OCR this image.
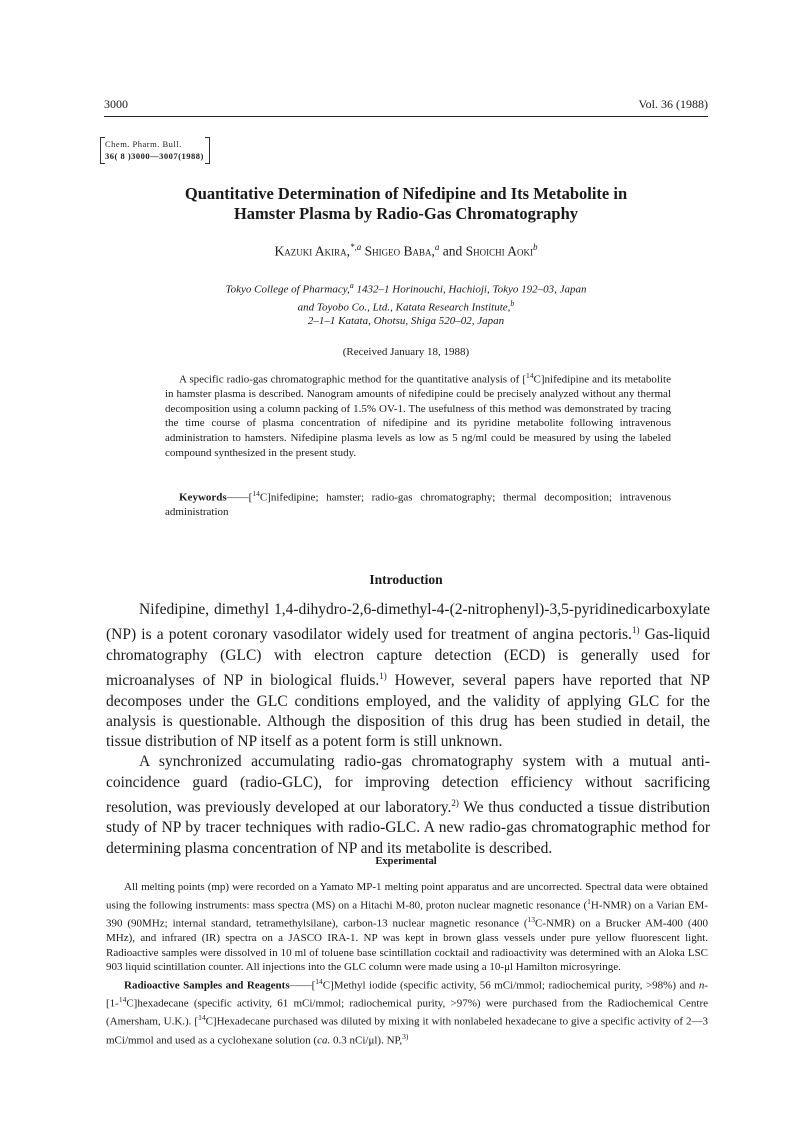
3000	Vol. 36 (1988)
Chem. Pharm. Bull.
36( 8 )3000—3007(1988)
Quantitative Determination of Nifedipine and Its Metabolite in
Hamster Plasma by Radio-Gas Chromatography
Kazuki Akira,$^{*,a}$ Shigeo Baba,$^a$ and Shoichi Aoki$^b$
Tokyo College of Pharmacy,$^a$ 1432–1 Horinouchi, Hachioji, Tokyo 192–03, Japan
and Toyobo Co., Ltd., Katata Research Institute,$^b$
2–1–1 Katata, Ohotsu, Shiga 520–02, Japan
(Received January 18, 1988)

A specific radio-gas chromatographic method for the quantitative analysis of [$^{14}$C]nifedipine and its metabolite in hamster plasma is described. Nanogram amounts of nifedipine could be precisely analyzed without any thermal decomposition using a column packing of 1.5% OV-1. The usefulness of this method was demonstrated by tracing the time course of plasma concentration of nifedipine and its pyridine metabolite following intravenous administration to hamsters. Nifedipine plasma levels as low as 5 ng/ml could be measured by using the labeled compound synthesized in the present study.

Keywords——[$^{14}$C]nifedipine; hamster; radio-gas chromatography; thermal decomposition; intravenous administration

Introduction

Nifedipine, dimethyl 1,4-dihydro-2,6-dimethyl-4-(2-nitrophenyl)-3,5-pyridinedicarboxylate (NP) is a potent coronary vasodilator widely used for treatment of angina pectoris.$^{1)}$ Gas-liquid chromatography (GLC) with electron capture detection (ECD) is generally used for microanalyses of NP in biological fluids.$^{1)}$ However, several papers have reported that NP decomposes under the GLC conditions employed, and the validity of applying GLC for the analysis is questionable. Although the disposition of this drug has been studied in detail, the tissue distribution of NP itself as a potent form is still unknown.

A synchronized accumulating radio-gas chromatography system with a mutual anti-coincidence guard (radio-GLC), for improving detection efficiency without sacrificing resolution, was previously developed at our laboratory.$^{2)}$ We thus conducted a tissue distribution study of NP by tracer techniques with radio-GLC. A new radio-gas chromatographic method for determining plasma concentration of NP and its metabolite is described.

Experimental

All melting points (mp) were recorded on a Yamato MP-1 melting point apparatus and are uncorrected. Spectral data were obtained using the following instruments: mass spectra (MS) on a Hitachi M-80, proton nuclear magnetic resonance ($^1$H-NMR) on a Varian EM-390 (90MHz; internal standard, tetramethylsilane), carbon-13 nuclear magnetic resonance ($^{13}$C-NMR) on a Brucker AM-400 (400 MHz), and infrared (IR) spectra on a JASCO IRA-1. NP was kept in brown glass vessels under pure yellow fluorescent light. Radioactive samples were dissolved in 10 ml of toluene base scintillation cocktail and radioactivity was determined with an Aloka LSC 903 liquid scintillation counter. All injections into the GLC column were made using a 10-μl Hamilton microsyringe.

Radioactive Samples and Reagents——[$^{14}$C]Methyl iodide (specific activity, 56 mCi/mmol; radiochemical purity, >98%) and n-[1-$^{14}$C]hexadecane (specific activity, 61 mCi/mmol; radiochemical purity, >97%) were purchased from the Radiochemical Centre (Amersham, U.K.). [$^{14}$C]Hexadecane purchased was diluted by mixing it with nonlabeled hexadecane to give a specific activity of 2—3 mCi/mmol and used as a cyclohexane solution (ca. 0.3 nCi/μl). NP,$^{3)}$
